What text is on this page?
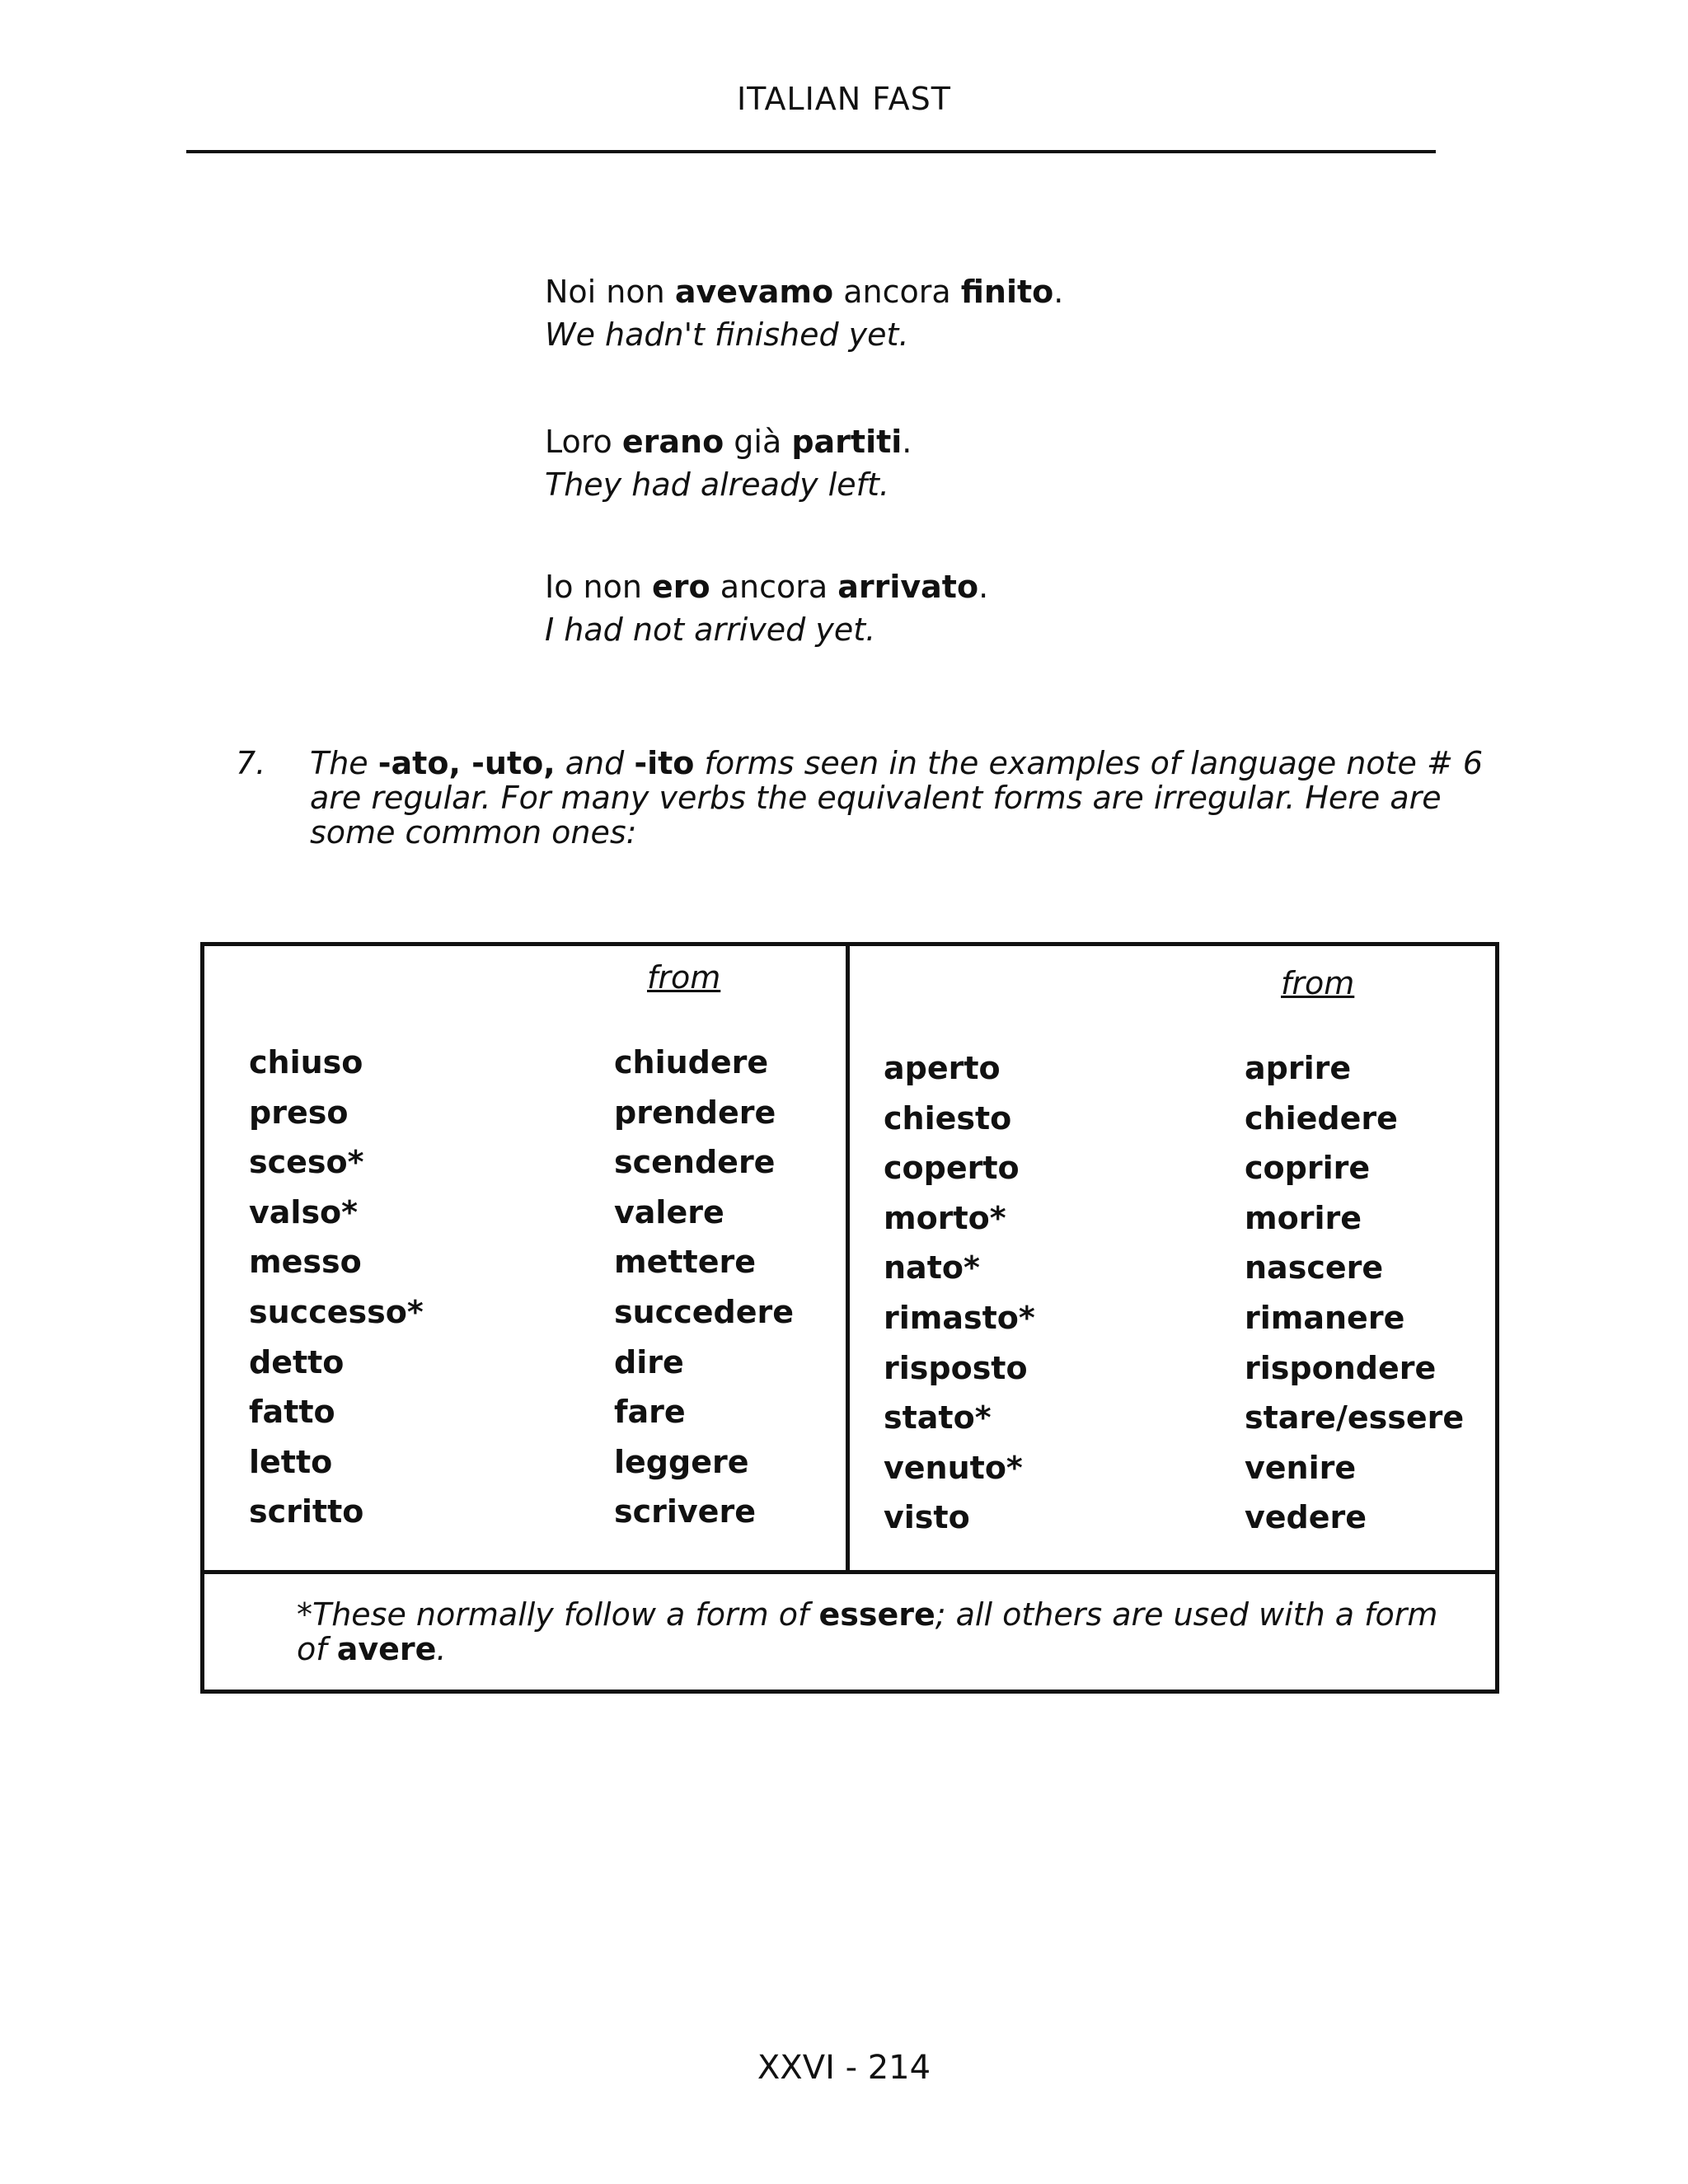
ITALIAN FAST
Noi non avevamo ancora finito.
We hadn't finished yet.
Loro erano già partiti.
They had already left.
Io non ero ancora arrivato.
I had not arrived yet.
7. The -ato, -uto, and -ito forms seen in the examples of language note # 6 are regular. For many verbs the equivalent forms are irregular. Here are some common ones:
from	from
chiuso
preso
sceso*
valso*
messo
successo*
detto
fatto
letto
scritto
chiudere
prendere
scendere
valere
mettere
succedere
dire
fare
leggere
scrivere
aperto
chiesto
coperto
morto*
nato*
rimasto*
risposto
stato*
venuto*
visto
aprire
chiedere
coprire
morire
nascere
rimanere
rispondere
stare/essere
venire
vedere
*These normally follow a form of essere; all others are used with a form of avere.
XXVI - 214
